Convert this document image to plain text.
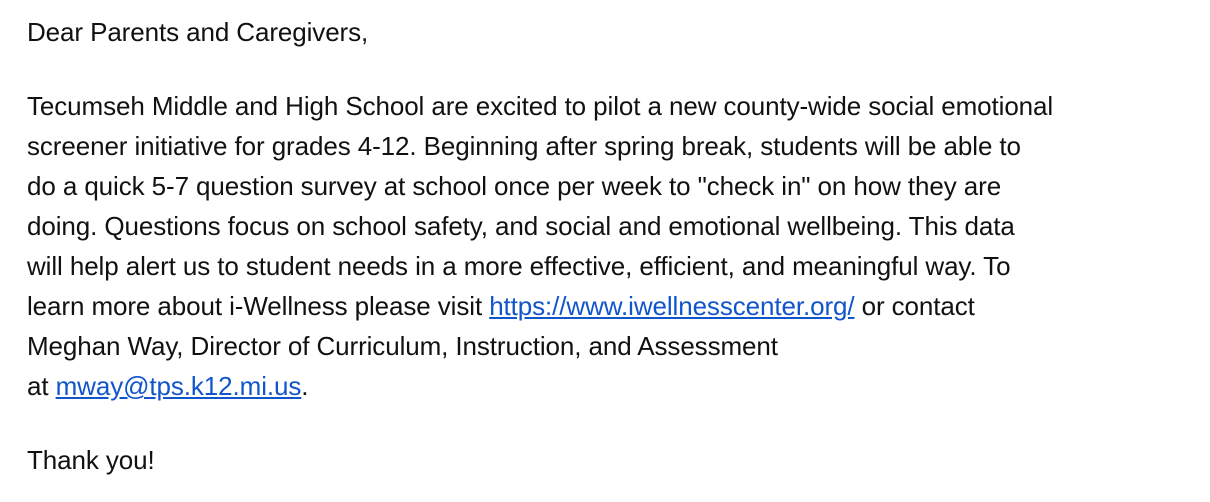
Dear Parents and Caregivers,

Tecumseh Middle and High School are excited to pilot a new county-wide social emotional
screener initiative for grades 4-12. Beginning after spring break, students will be able to
do a quick 5-7 question survey at school once per week to "check in" on how they are
doing. Questions focus on school safety, and social and emotional wellbeing. This data
will help alert us to student needs in a more effective, efficient, and meaningful way. To
learn more about i-Wellness please visit https://www.iwellnesscenter.org/ or contact
Meghan Way, Director of Curriculum, Instruction, and Assessment
at mway@tps.k12.mi.us.

Thank you!
